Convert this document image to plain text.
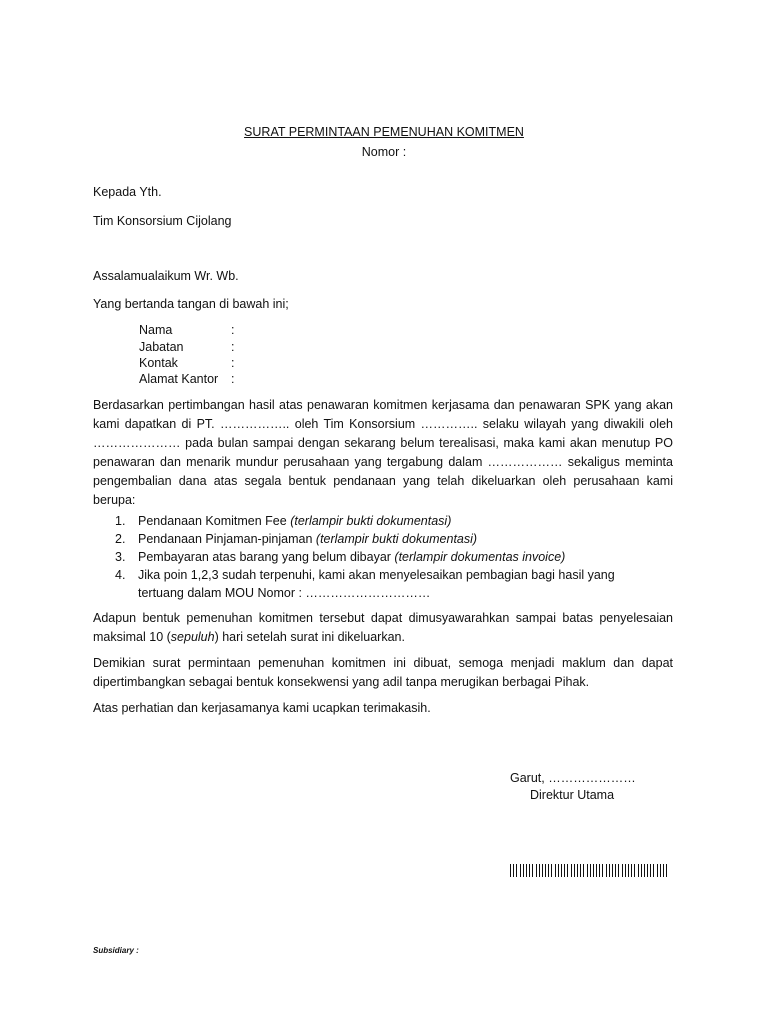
SURAT PERMINTAAN PEMENUHAN KOMITMEN
Nomor :
Kepada Yth.
Tim Konsorsium Cijolang
Assalamualaikum Wr. Wb.
Yang bertanda tangan di bawah ini;
Nama	:
Jabatan	:
Kontak	:
Alamat Kantor :
Berdasarkan pertimbangan hasil atas penawaran komitmen kerjasama dan penawaran SPK yang akan kami dapatkan di PT. …………….. oleh Tim Konsorsium ………….. selaku wilayah yang diwakili oleh ………………… pada bulan sampai dengan sekarang belum terealisasi, maka kami akan menutup PO penawaran dan menarik mundur perusahaan yang tergabung dalam ……………… sekaligus meminta pengembalian dana atas segala bentuk pendanaan yang telah dikeluarkan oleh perusahaan kami berupa:
1. Pendanaan Komitmen Fee (terlampir bukti dokumentasi)
2. Pendanaan Pinjaman-pinjaman (terlampir bukti dokumentasi)
3. Pembayaran atas barang yang belum dibayar (terlampir dokumentas invoice)
4. Jika poin 1,2,3 sudah terpenuhi, kami akan menyelesaikan pembagian bagi hasil yang tertuang dalam MOU Nomor : …………………………
Adapun bentuk pemenuhan komitmen tersebut dapat dimusyawarahkan sampai batas penyelesaian maksimal 10 (sepuluh) hari setelah surat ini dikeluarkan.
Demikian surat permintaan pemenuhan komitmen ini dibuat, semoga menjadi maklum dan dapat dipertimbangkan sebagai bentuk konsekwensi yang adil tanpa merugikan berbagai Pihak.
Atas perhatian dan kerjasamanya kami ucapkan terimakasih.
Garut, …………………
Direktur Utama
Subsidiary :
